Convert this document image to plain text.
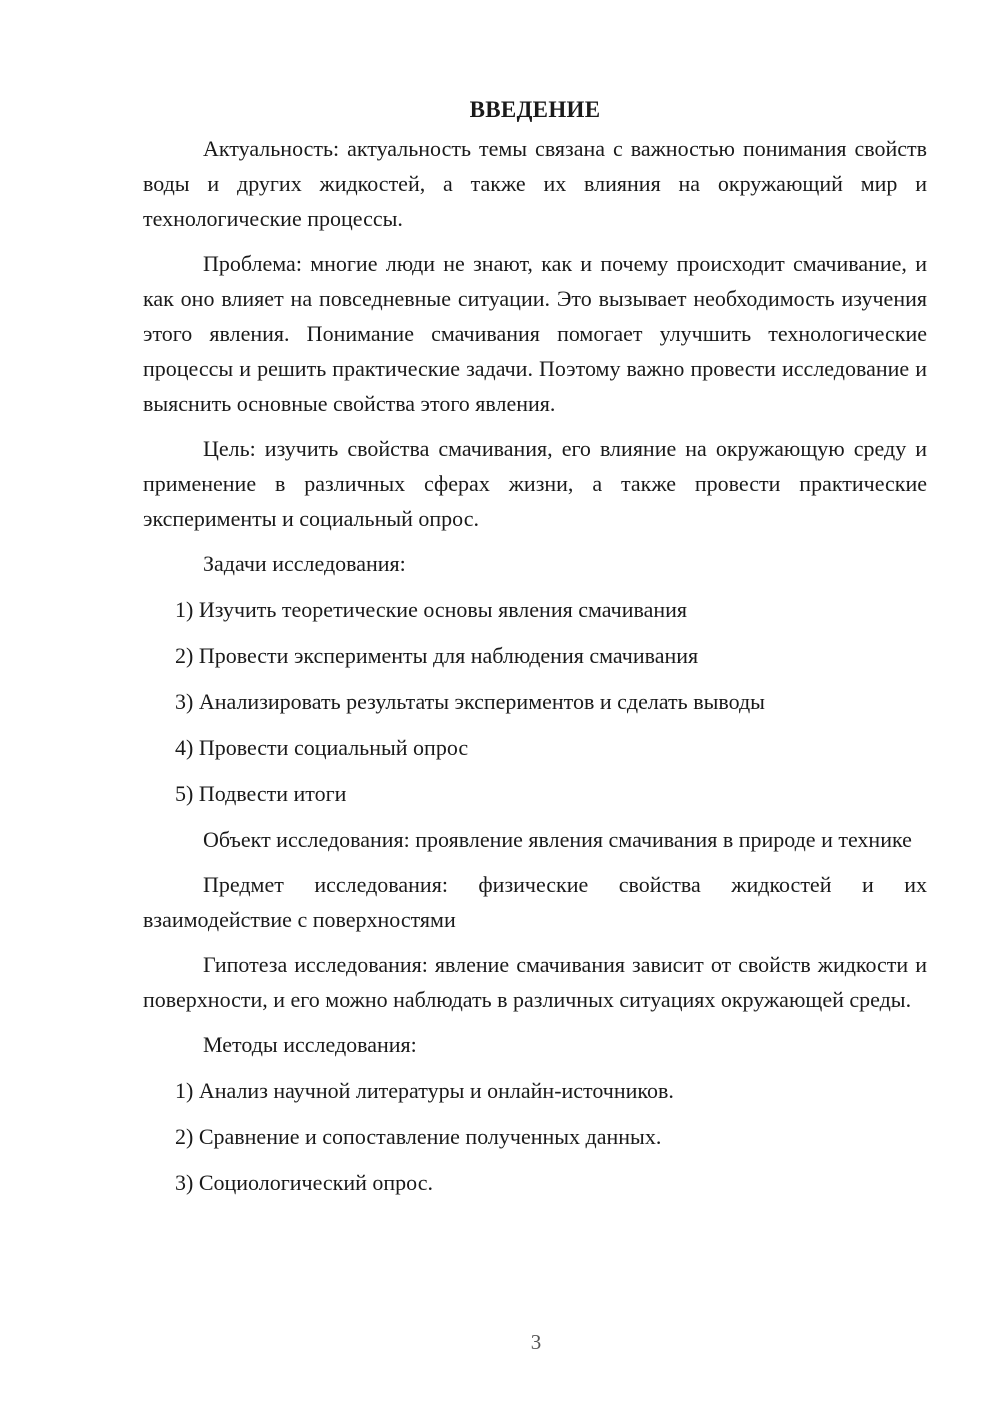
ВВЕДЕНИЕ

Актуальность: актуальность темы связана с важностью понимания свойств воды и других жидкостей, а также их влияния на окружающий мир и технологические процессы.

Проблема: многие люди не знают, как и почему происходит смачивание, и как оно влияет на повседневные ситуации. Это вызывает необходимость изучения этого явления. Понимание смачивания помогает улучшить технологические процессы и решить практические задачи. Поэтому важно провести исследование и выяснить основные свойства этого явления.

Цель: изучить свойства смачивания, его влияние на окружающую среду и применение в различных сферах жизни, а также провести практические эксперименты и социальный опрос.

Задачи исследования:
1) Изучить теоретические основы явления смачивания
2) Провести эксперименты для наблюдения смачивания
3) Анализировать результаты экспериментов и сделать выводы
4) Провести социальный опрос
5) Подвести итоги

Объект исследования: проявление явления смачивания в природе и технике

Предмет исследования: физические свойства жидкостей и их взаимодействие с поверхностями

Гипотеза исследования: явление смачивания зависит от свойств жидкости и поверхности, и его можно наблюдать в различных ситуациях окружающей среды.

Методы исследования:
1) Анализ научной литературы и онлайн-источников.
2) Сравнение и сопоставление полученных данных.
3) Социологический опрос.
3
